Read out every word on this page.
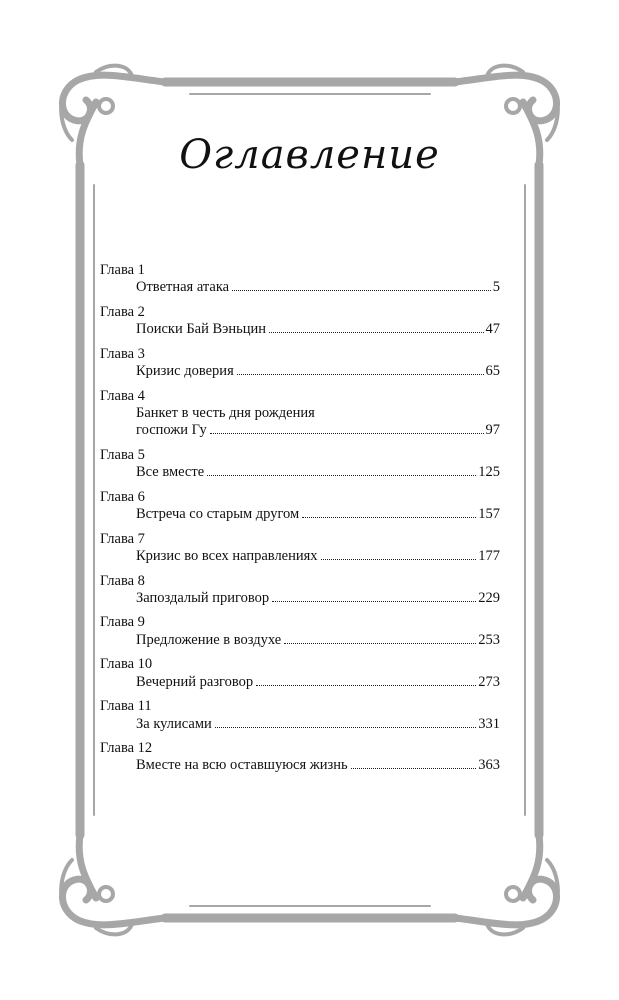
Оглавление
Глава 1
Ответная атака	5
Глава 2
Поиски Бай Вэньцин	47
Глава 3
Кризис доверия	65
Глава 4
Банкет в честь дня рождения
госпожи Гу	97
Глава 5
Все вместе	125
Глава 6
Встреча со старым другом	157
Глава 7
Кризис во всех направлениях	177
Глава 8
Запоздалый приговор	229
Глава 9
Предложение в воздухе	253
Глава 10
Вечерний разговор	273
Глава 11
За кулисами	331
Глава 12
Вместе на всю оставшуюся жизнь	363
